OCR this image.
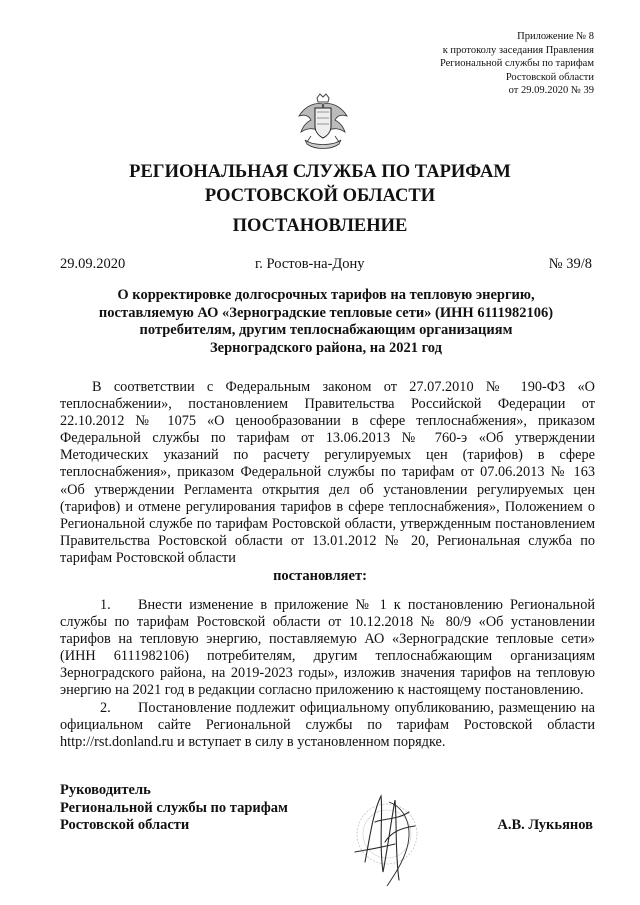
Приложение № 8
к протоколу заседания Правления
Региональной службы по тарифам
Ростовской области
от 29.09.2020 № 39
РЕГИОНАЛЬНАЯ СЛУЖБА ПО ТАРИФАМ
РОСТОВСКОЙ ОБЛАСТИ
ПОСТАНОВЛЕНИЕ
29.09.2020	г. Ростов-на-Дону	№ 39/8
О корректировке долгосрочных тарифов на тепловую энергию,
поставляемую АО «Зерноградские тепловые сети» (ИНН 6111982106)
потребителям, другим теплоснабжающим организациям
Зерноградского района, на 2021 год
В соответствии с Федеральным законом от 27.07.2010 № 190-ФЗ «О теплоснабжении», постановлением Правительства Российской Федерации от 22.10.2012 № 1075 «О ценообразовании в сфере теплоснабжения», приказом Федеральной службы по тарифам от 13.06.2013 № 760-э «Об утверждении Методических указаний по расчету регулируемых цен (тарифов) в сфере теплоснабжения», приказом Федеральной службы по тарифам от 07.06.2013 № 163 «Об утверждении Регламента открытия дел об установлении регулируемых цен (тарифов) и отмене регулирования тарифов в сфере теплоснабжения», Положением о Региональной службе по тарифам Ростовской области, утвержденным постановлением Правительства Ростовской области от 13.01.2012 № 20, Региональная служба по тарифам Ростовской области
постановляет:
1. Внести изменение в приложение № 1 к постановлению Региональной службы по тарифам Ростовской области от 10.12.2018 № 80/9 «Об установлении тарифов на тепловую энергию, поставляемую АО «Зерноградские тепловые сети» (ИНН 6111982106) потребителям, другим теплоснабжающим организациям Зерноградского района, на 2019-2023 годы», изложив значения тарифов на тепловую энергию на 2021 год в редакции согласно приложению к настоящему постановлению.
2. Постановление подлежит официальному опубликованию, размещению на официальном сайте Региональной службы по тарифам Ростовской области http://rst.donland.ru и вступает в силу в установленном порядке.
Руководитель
Региональной службы по тарифам
Ростовской области	А.В. Лукьянов
